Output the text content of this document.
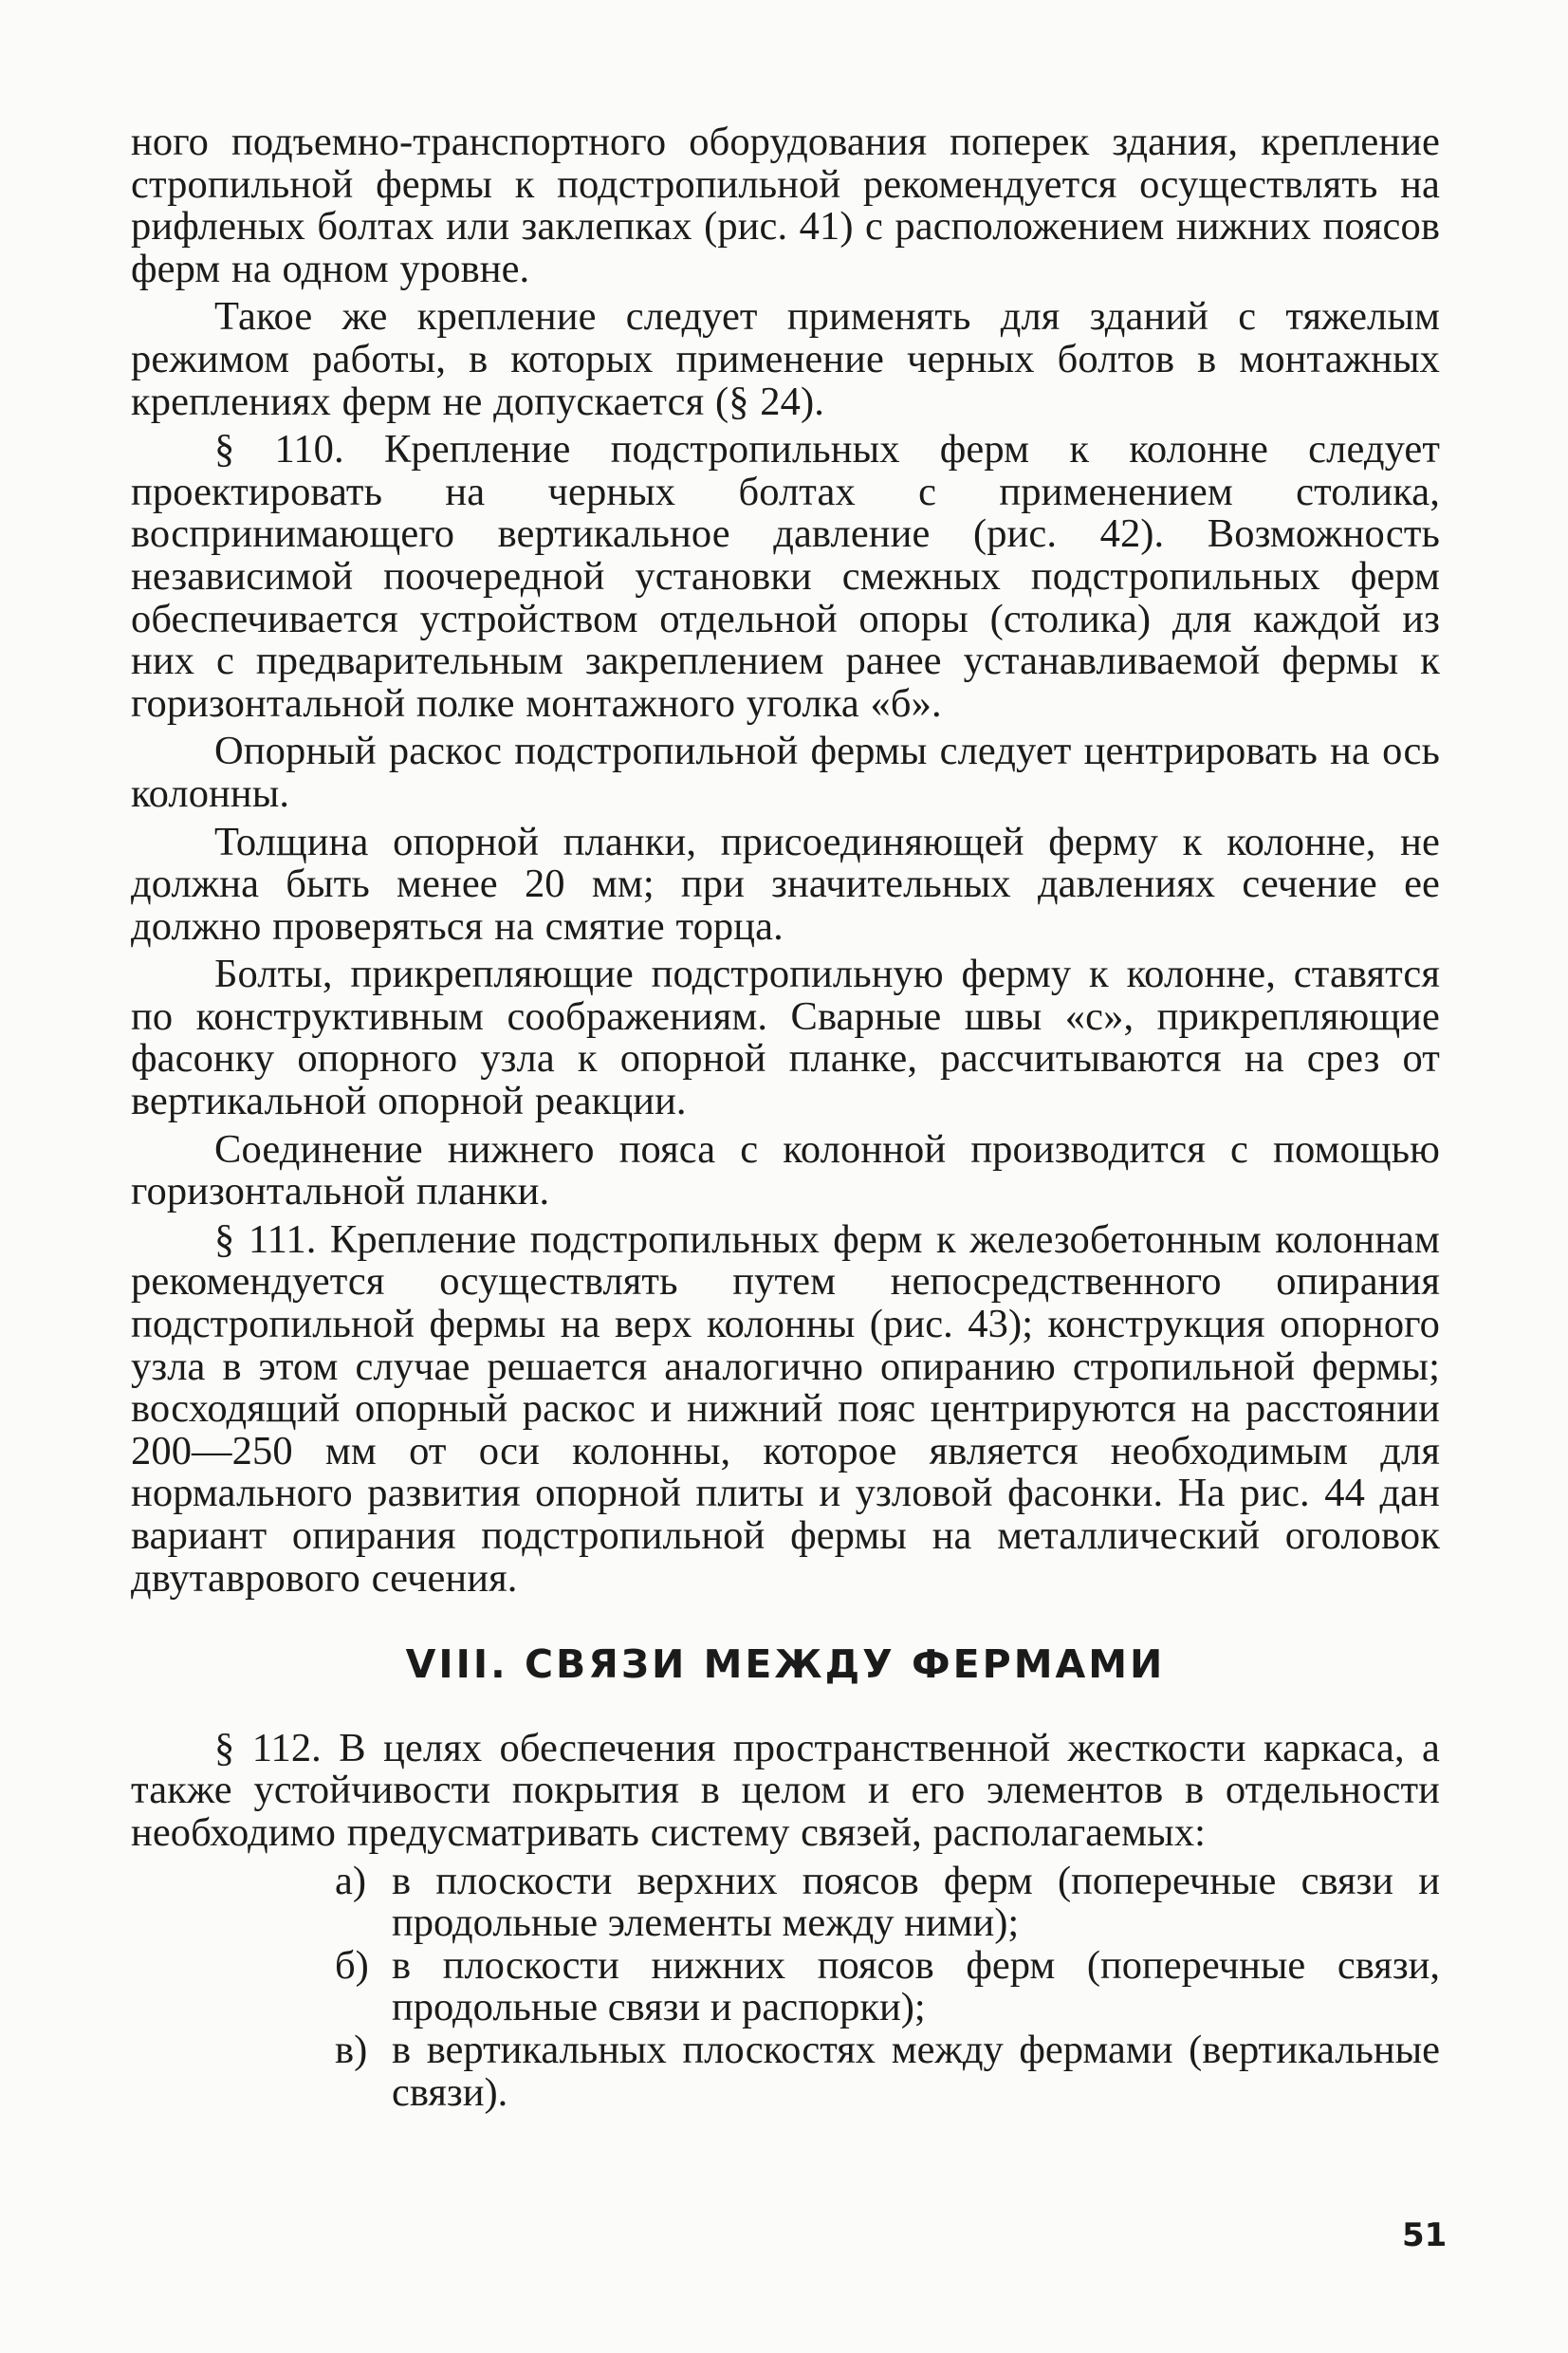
ного подъемно-транспортного оборудования поперек здания, крепление стропильной фермы к подстропильной рекомендуется осуществлять на рифленых болтах или заклепках (рис. 41) с расположением нижних поясов ферм на одном уровне.

Такое же крепление следует применять для зданий с тяжелым режимом работы, в которых применение черных болтов в монтажных креплениях ферм не допускается (§ 24).

§ 110. Крепление подстропильных ферм к колонне следует проектировать на черных болтах с применением столика, воспринимающего вертикальное давление (рис. 42). Возможность независимой поочередной установки смежных подстропильных ферм обеспечивается устройством отдельной опоры (столика) для каждой из них с предварительным закреплением ранее устанавливаемой фермы к горизонтальной полке монтажного уголка «б».

Опорный раскос подстропильной фермы следует центрировать на ось колонны.

Толщина опорной планки, присоединяющей ферму к колонне, не должна быть менее 20 мм; при значительных давлениях сечение ее должно проверяться на смятие торца.

Болты, прикрепляющие подстропильную ферму к колонне, ставятся по конструктивным соображениям. Сварные швы «с», прикрепляющие фасонку опорного узла к опорной планке, рассчитываются на срез от вертикальной опорной реакции.

Соединение нижнего пояса с колонной производится с помощью горизонтальной планки.

§ 111. Крепление подстропильных ферм к железобетонным колоннам рекомендуется осуществлять путем непосредственного опирания подстропильной фермы на верх колонны (рис. 43); конструкция опорного узла в этом случае решается аналогично опиранию стропильной фермы; восходящий опорный раскос и нижний пояс центрируются на расстоянии 200—250 мм от оси колонны, которое является необходимым для нормального развития опорной плиты и узловой фасонки. На рис. 44 дан вариант опирания подстропильной фермы на металлический оголовок двутаврового сечения.

VIII. СВЯЗИ МЕЖДУ ФЕРМАМИ

§ 112. В целях обеспечения пространственной жесткости каркаса, а также устойчивости покрытия в целом и его элементов в отдельности необходимо предусматривать систему связей, располагаемых:

а) в плоскости верхних поясов ферм (поперечные связи и продольные элементы между ними);
б) в плоскости нижних поясов ферм (поперечные связи, продольные связи и распорки);
в) в вертикальных плоскостях между фермами (вертикальные связи).
51
